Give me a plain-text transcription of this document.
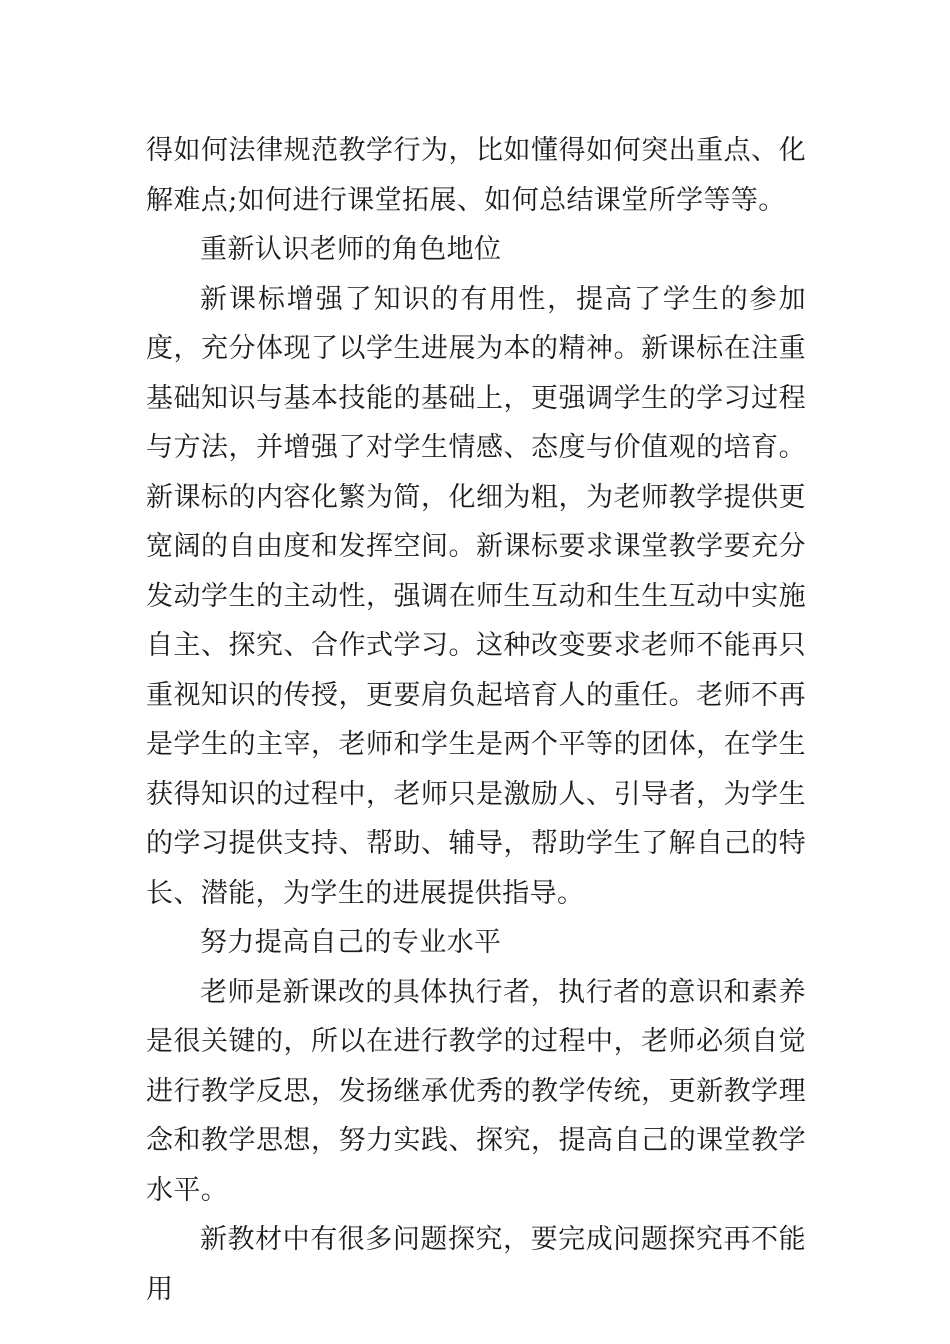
得如何法律规范教学行为，比如懂得如何突出重点、化解难点;如何进行课堂拓展、如何总结课堂所学等等。

重新认识老师的角色地位

新课标增强了知识的有用性，提高了学生的参加度，充分体现了以学生进展为本的精神。新课标在注重基础知识与基本技能的基础上，更强调学生的学习过程与方法，并增强了对学生情感、态度与价值观的培育。新课标的内容化繁为简，化细为粗，为老师教学提供更宽阔的自由度和发挥空间。新课标要求课堂教学要充分发动学生的主动性，强调在师生互动和生生互动中实施自主、探究、合作式学习。这种改变要求老师不能再只重视知识的传授，更要肩负起培育人的重任。老师不再是学生的主宰，老师和学生是两个平等的团体，在学生获得知识的过程中，老师只是激励人、引导者，为学生的学习提供支持、帮助、辅导，帮助学生了解自己的特长、潜能，为学生的进展提供指导。

努力提高自己的专业水平

老师是新课改的具体执行者，执行者的意识和素养是很关键的，所以在进行教学的过程中，老师必须自觉进行教学反思，发扬继承优秀的教学传统，更新教学理念和教学思想，努力实践、探究，提高自己的课堂教学水平。

新教材中有很多问题探究，要完成问题探究再不能用
